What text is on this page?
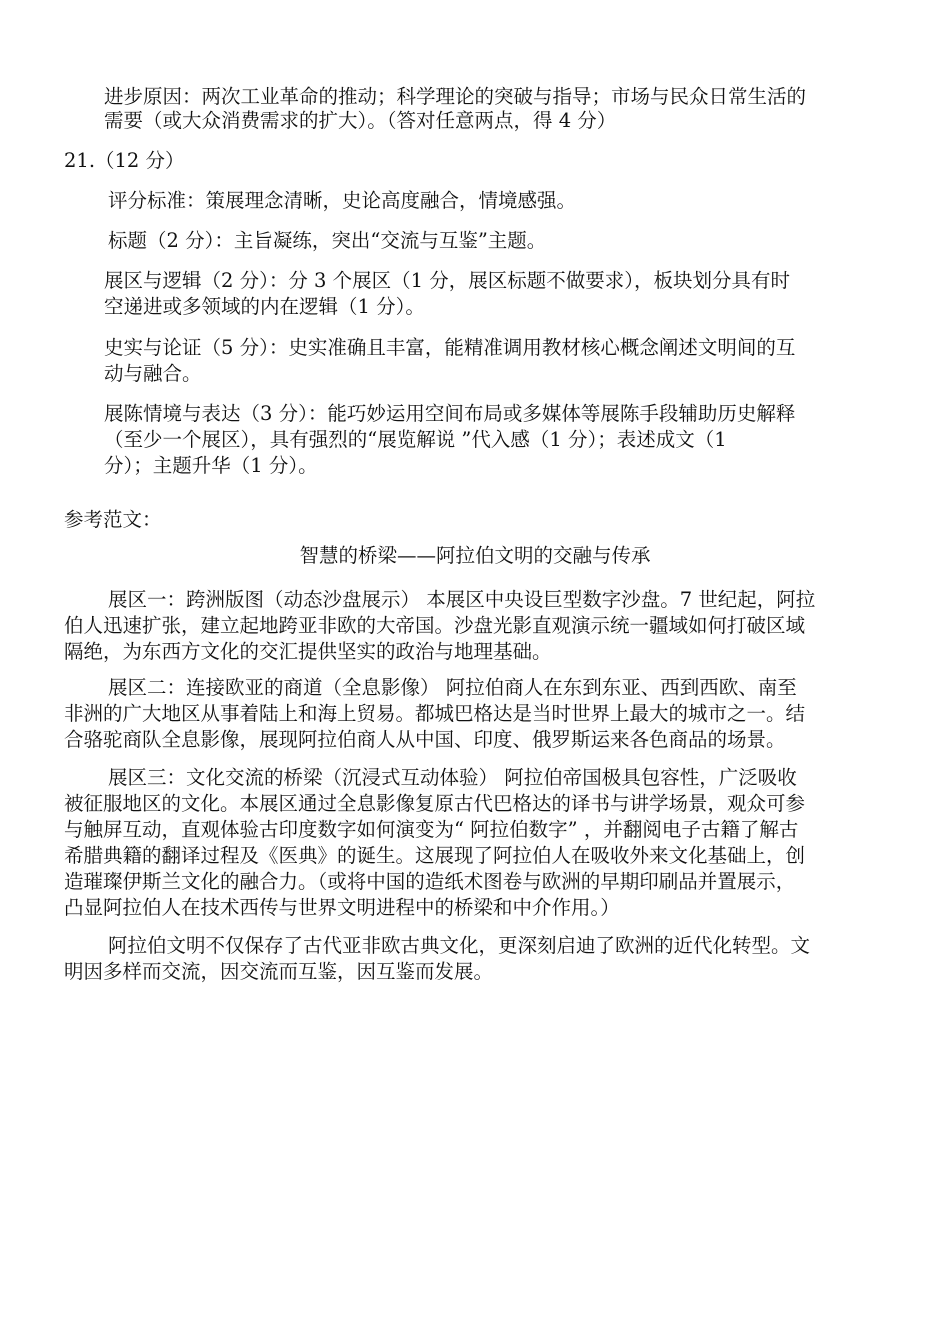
进步原因：两次工业革命的推动；科学理论的突破与指导；市场与民众日常生活的
需要（或大众消费需求的扩大）。（答对任意两点，得 4 分）
21.（12 分）
评分标准：策展理念清晰，史论高度融合，情境感强。
标题（2 分）：主旨凝练，突出“交流与互鉴”主题。
展区与逻辑（2 分）：分 3 个展区（1 分，展区标题不做要求），板块划分具有时
空递进或多领域的内在逻辑（1 分）。
史实与论证（5 分）：史实准确且丰富，能精准调用教材核心概念阐述文明间的互
动与融合。
展陈情境与表达（3 分）：能巧妙运用空间布局或多媒体等展陈手段辅助历史解释
（至少一个展区），具有强烈的“展览解说 ”代入感（1 分）；表述成文（1
分）；主题升华（1 分）。
参考范文：
智慧的桥梁——阿拉伯文明的交融与传承
展区一：跨洲版图（动态沙盘展示） 本展区中央设巨型数字沙盘。7 世纪起，阿拉
伯人迅速扩张，建立起地跨亚非欧的大帝国。沙盘光影直观演示统一疆域如何打破区域
隔绝，为东西方文化的交汇提供坚实的政治与地理基础。
展区二：连接欧亚的商道（全息影像） 阿拉伯商人在东到东亚、西到西欧、南至
非洲的广大地区从事着陆上和海上贸易。都城巴格达是当时世界上最大的城市之一。结
合骆驼商队全息影像，展现阿拉伯商人从中国、印度、俄罗斯运来各色商品的场景。
展区三：文化交流的桥梁（沉浸式互动体验） 阿拉伯帝国极具包容性，广泛吸收
被征服地区的文化。本展区通过全息影像复原古代巴格达的译书与讲学场景，观众可参
与触屏互动，直观体验古印度数字如何演变为“ 阿拉伯数字” ，并翻阅电子古籍了解古
希腊典籍的翻译过程及《医典》的诞生。这展现了阿拉伯人在吸收外来文化基础上，创
造璀璨伊斯兰文化的融合力。（或将中国的造纸术图卷与欧洲的早期印刷品并置展示，
凸显阿拉伯人在技术西传与世界文明进程中的桥梁和中介作用。）
阿拉伯文明不仅保存了古代亚非欧古典文化，更深刻启迪了欧洲的近代化转型。文
明因多样而交流，因交流而互鉴，因互鉴而发展。
